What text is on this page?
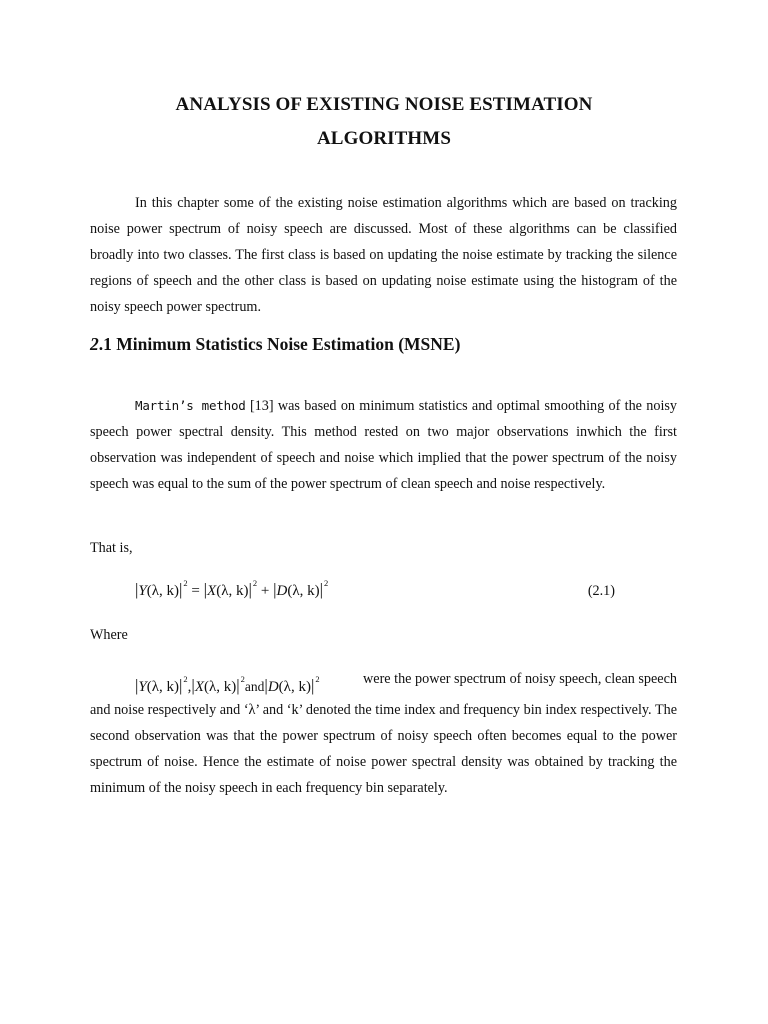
ANALYSIS OF EXISTING NOISE ESTIMATION
ALGORITHMS

In this chapter some of the existing noise estimation algorithms which are based on tracking noise power spectrum of noisy speech are discussed. Most of these algorithms can be classified broadly into two classes. The first class is based on updating the noise estimate by tracking the silence regions of speech and the other class is based on updating noise estimate using the histogram of the noisy speech power spectrum.

2.1 Minimum Statistics Noise Estimation (MSNE)

Martin’s method [13] was based on minimum statistics and optimal smoothing of the noisy speech power spectral density. This method rested on two major observations inwhich the first observation was independent of speech and noise which implied that the power spectrum of the noisy speech was equal to the sum of the power spectrum of clean speech and noise respectively.

That is,
|Y(λ, $k)|^2 = |X(\lambda$, $k)|^2 + |D(\lambda$, $k)|^2$	(2.1)
Where
|Y(λ, $k)|^2,|X(\lambda$, $k)|^2and|D(\lambda$, $k)|^2$	were the power spectrum of noisy speech, clean speech

and noise respectively and ‘λ’ and ‘k’ denoted the time index and frequency bin index respectively. The second observation was that the power spectrum of noisy speech often becomes equal to the power spectrum of noise. Hence the estimate of noise power spectral density was obtained by tracking the minimum of the noisy speech in each frequency bin separately.
